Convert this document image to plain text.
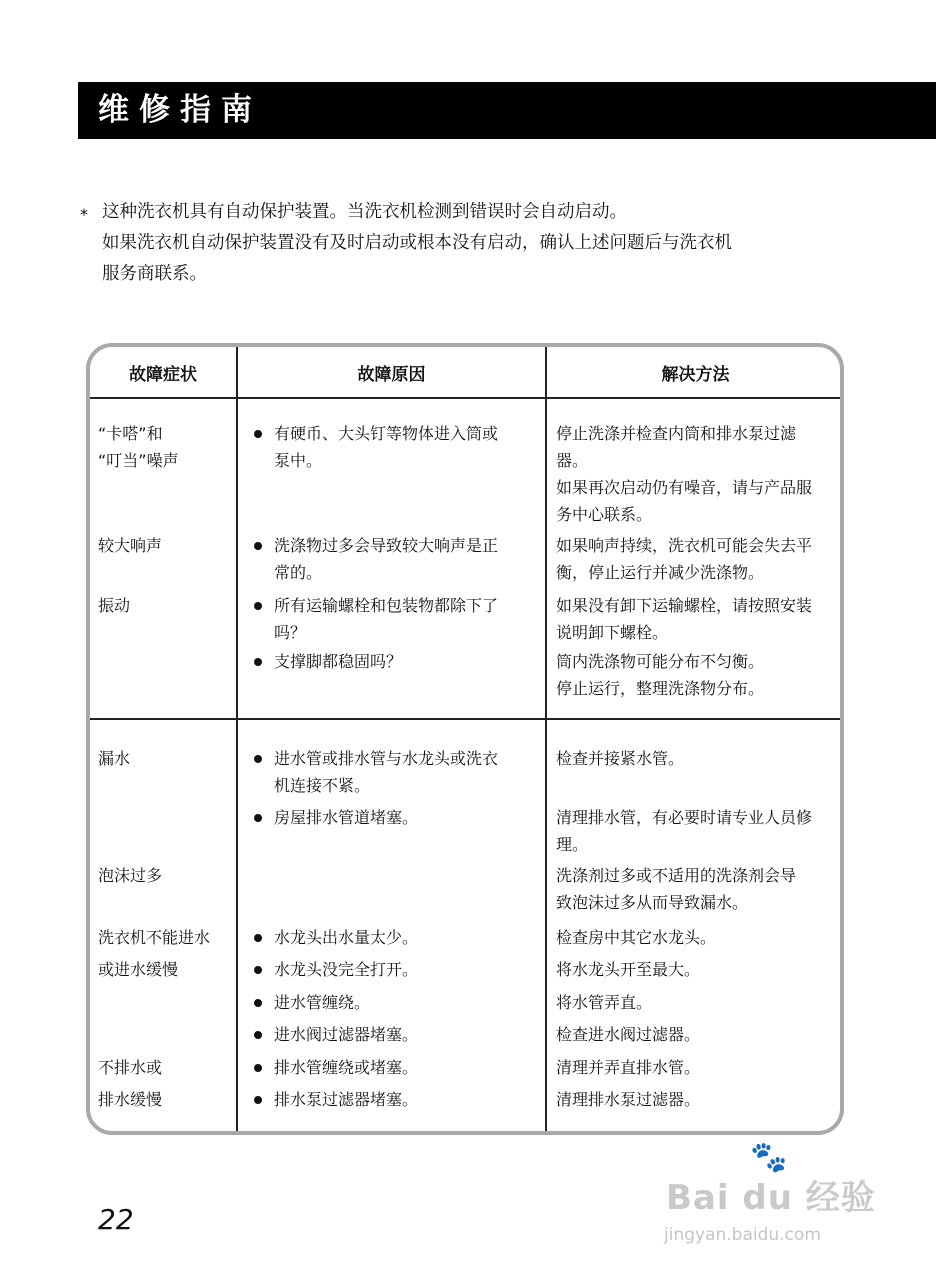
维修指南
* 这种洗衣机具有自动保护装置。当洗衣机检测到错误时会自动启动。
如果洗衣机自动保护装置没有及时启动或根本没有启动，确认上述问题后与洗衣机
服务商联系。
故障症状	故障原因	解决方法
“卡嗒”和
“叮当”噪声
较大响声
振动
漏水
泡沫过多
洗衣机不能进水
或进水缓慢
不排水或
排水缓慢
有硬币、大头钉等物体进入筒或
泵中。
洗涤物过多会导致较大响声是正
常的。
所有运输螺栓和包装物都除下了
吗？
支撑脚都稳固吗？
进水管或排水管与水龙头或洗衣
机连接不紧。
房屋排水管道堵塞。
水龙头出水量太少。
水龙头没完全打开。
进水管缠绕。
进水阀过滤器堵塞。
排水管缠绕或堵塞。
排水泵过滤器堵塞。
停止洗涤并检查内筒和排水泵过滤
器。
如果再次启动仍有噪音，请与产品服
务中心联系。
如果响声持续，洗衣机可能会失去平
衡，停止运行并减少洗涤物。
如果没有卸下运输螺栓，请按照安装
说明卸下螺栓。
筒内洗涤物可能分布不匀衡。
停止运行，整理洗涤物分布。
检查并接紧水管。
清理排水管，有必要时请专业人员修
理。
洗涤剂过多或不适用的洗涤剂会导
致泡沫过多从而导致漏水。
检查房中其它水龙头。
将水龙头开至最大。
将水管弄直。
检查进水阀过滤器。
清理并弄直排水管。
清理排水泵过滤器。
22
🐾
Bai du 经验
jingyan.baidu.com
